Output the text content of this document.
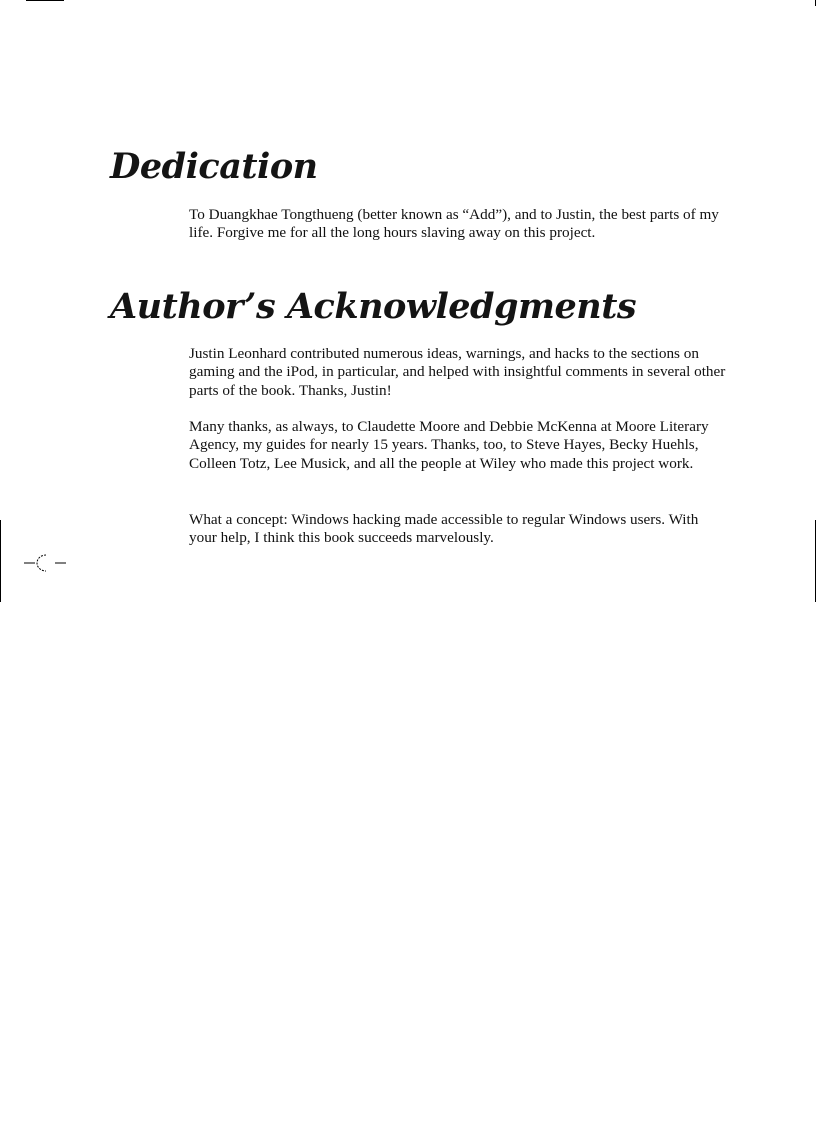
Dedication

To Duangkhae Tongthueng (better known as “Add”), and to Justin, the best parts of my life. Forgive me for all the long hours slaving away on this project.

Author’s Acknowledgments

Justin Leonhard contributed numerous ideas, warnings, and hacks to the sections on gaming and the iPod, in particular, and helped with insightful comments in several other parts of the book. Thanks, Justin!

Many thanks, as always, to Claudette Moore and Debbie McKenna at Moore Literary Agency, my guides for nearly 15 years. Thanks, too, to Steve Hayes, Becky Huehls, Colleen Totz, Lee Musick, and all the people at Wiley who made this project work.

What a concept: Windows hacking made accessible to regular Windows users. With your help, I think this book succeeds marvelously.
